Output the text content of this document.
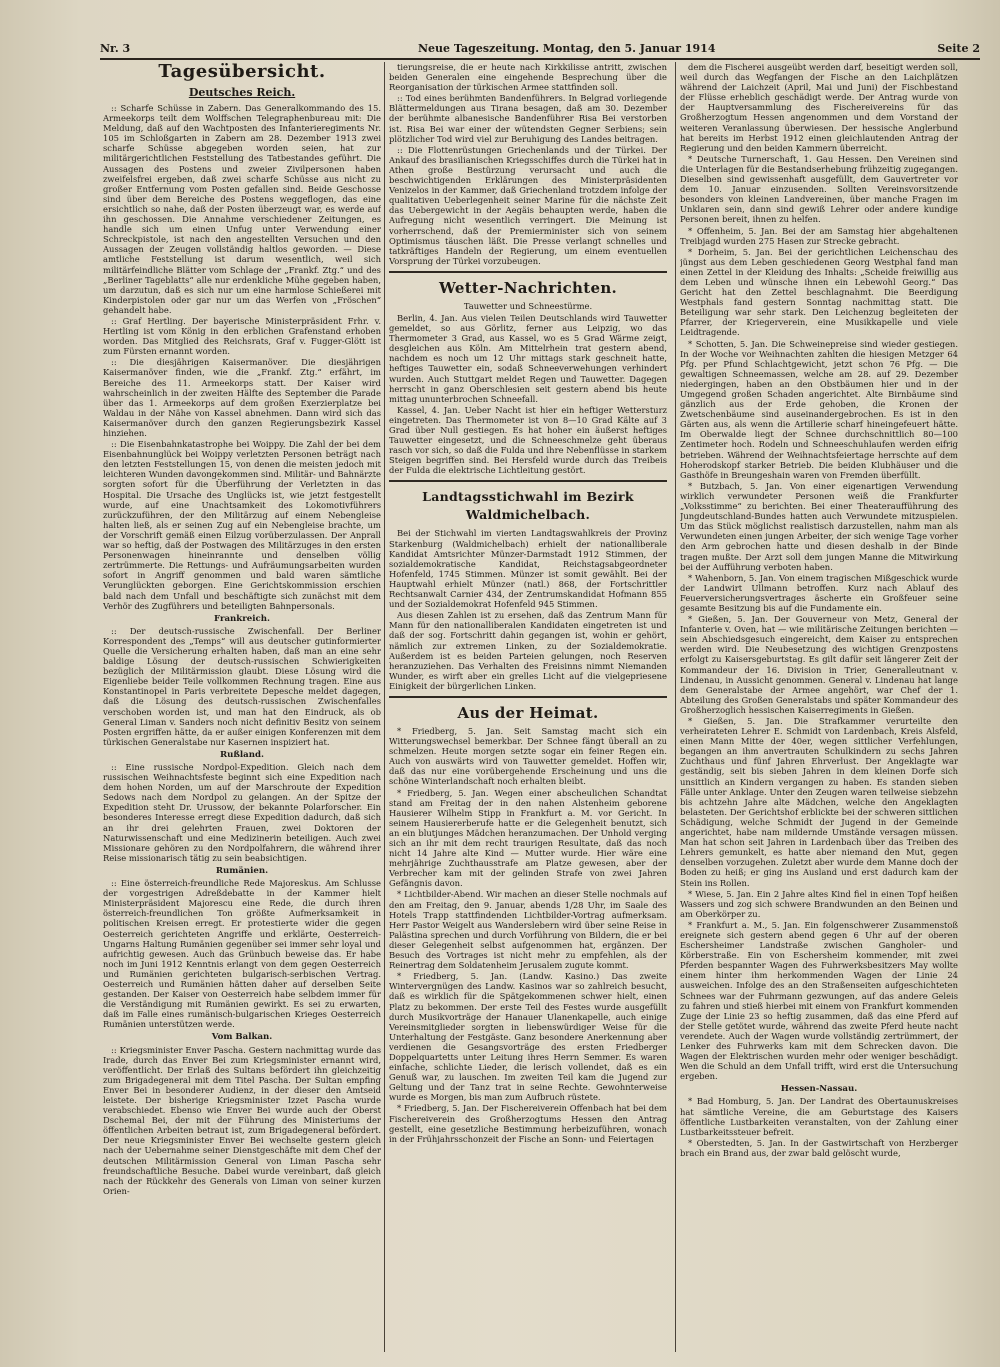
Nr. 3	Neue Tageszeitung. Montag, den 5. Januar 1914	Seite 2
Tagesübersicht.
Deutsches Reich.

:: Scharfe Schüsse in Zabern. Das Generalkommando des 15. Armeekorps teilt dem Wolffschen Telegraphenbureau mit: Die Meldung, daß auf den Wachtposten des Infanterieregiments Nr. 105 im Schloßgarten in Zabern am 28. Dezember 1913 zwei scharfe Schüsse abgegeben worden seien, hat zur militärgerichtlichen Feststellung des Tatbestandes geführt. Die Aussagen des Postens und zweier Zivilpersonen haben zweifelsfrei ergeben, daß zwei scharfe Schüsse aus nicht zu großer Entfernung vom Posten gefallen sind. Beide Geschosse sind über dem Bereiche des Postens weggeflogen, das eine ersichtlich so nahe, daß der Posten überzeugt war, es werde auf ihn geschossen. Die Annahme verschiedener Zeitungen, es handle sich um einen Unfug unter Verwendung einer Schreckpistole, ist nach den angestellten Versuchen und den Aussagen der Zeugen vollständig haltlos geworden. — Diese amtliche Feststellung ist darum wesentlich, weil sich militärfeindliche Blätter vom Schlage der „Frankf. Ztg.“ und des „Berliner Tageblatts“ alle nur erdenkliche Mühe gegeben haben, um darzutun, daß es sich nur um eine harmlose Schießerei mit Kinderpistolen oder gar nur um das Werfen von „Fröschen“ gehandelt habe.

:: Graf Hertling. Der bayerische Ministerpräsident Frhr. v. Hertling ist vom König in den erblichen Grafenstand erhoben worden. Das Mitglied des Reichsrats, Graf v. Fugger-Glött ist zum Fürsten ernannt worden.

:: Die diesjährigen Kaisermanöver. Die diesjährigen Kaisermanöver finden, wie die „Frankf. Ztg.“ erfährt, im Bereiche des 11. Armeekorps statt. Der Kaiser wird wahrscheinlich in der zweiten Hälfte des September die Parade über das 1. Armeekorps auf dem großen Exerzierplatze bei Waldau in der Nähe von Kassel abnehmen. Dann wird sich das Kaisermanöver durch den ganzen Regierungsbezirk Kassel hinziehen.

:: Die Eisenbahnkatastrophe bei Woippy. Die Zahl der bei dem Eisenbahnunglück bei Woippy verletzten Personen beträgt nach den letzten Feststellungen 15, von denen die meisten jedoch mit leichteren Wunden davongekommen sind. Militär- und Bahnärzte sorgten sofort für die Überführung der Verletzten in das Hospital. Die Ursache des Unglücks ist, wie jetzt festgestellt wurde, auf eine Unachtsamkeit des Lokomotivführers zurückzuführen, der den Militärzug auf einem Nebengleise halten ließ, als er seinen Zug auf ein Nebengleise brachte, um der Vorschrift gemäß einen Eilzug vorüberzulassen. Der Anprall war so heftig, daß der Postwagen des Militärzuges in den ersten Personenwagen hineinrannte und denselben völlig zertrümmerte. Die Rettungs- und Aufräumungsarbeiten wurden sofort in Angriff genommen und bald waren sämtliche Verunglückten geborgen. Eine Gerichtskommission erschien bald nach dem Unfall und beschäftigte sich zunächst mit dem Verhör des Zugführers und beteiligten Bahnpersonals.

Frankreich.

:: Der deutsch-russische Zwischenfall. Der Berliner Korrespondent des „Temps“ will aus deutscher gutinformierter Quelle die Versicherung erhalten haben, daß man an eine sehr baldige Lösung der deutsch-russischen Schwierigkeiten bezüglich der Militärmission glaubt. Diese Lösung wird die Eigenliebe beider Teile vollkommen Rechnung tragen. Eine aus Konstantinopel in Paris verbreitete Depesche meldet dagegen, daß die Lösung des deutsch-russischen Zwischenfalles verschoben worden ist, und man hat den Eindruck, als ob General Liman v. Sanders noch nicht definitiv Besitz von seinem Posten ergriffen hätte, da er außer einigen Konferenzen mit dem türkischen Generalstabe nur Kasernen inspiziert hat.

Rußland.

:: Eine russische Nordpol-Expedition. Gleich nach dem russischen Weihnachtsfeste beginnt sich eine Expedition nach dem hohen Norden, um auf der Marschroute der Expedition Sedows nach dem Nordpol zu gelangen. An der Spitze der Expedition steht Dr. Urussow, der bekannte Polarforscher. Ein besonderes Interesse erregt diese Expedition dadurch, daß sich an ihr drei gelehrten Frauen, zwei Doktoren der Naturwissenschaft und eine Medizinerin beteiligen. Auch zwei Missionare gehören zu den Nordpolfahrern, die während ihrer Reise missionarisch tätig zu sein beabsichtigen.

Rumänien.

:: Eine österreich-freundliche Rede Majoreskus. Am Schlusse der vorgestrigen Adreßdebatte in der Kammer hielt Ministerpräsident Majorescu eine Rede, die durch ihren österreich-freundlichen Ton größte Aufmerksamkeit in politischen Kreisen erregt. Er protestierte wider die gegen Oesterreich gerichteten Angriffe und erklärte, Oesterreich-Ungarns Haltung Rumänien gegenüber sei immer sehr loyal und aufrichtig gewesen. Auch das Grünbuch beweise das. Er habe noch im Juni 1912 Kenntnis erlangt von dem gegen Oesterreich und Rumänien gerichteten bulgarisch-serbischen Vertrag. Oesterreich und Rumänien hätten daher auf derselben Seite gestanden. Der Kaiser von Oesterreich habe selbdem immer für die Verständigung mit Rumänien gewirkt. Es sei zu erwarten, daß im Falle eines rumänisch-bulgarischen Krieges Oesterreich Rumänien unterstützen werde.

Vom Balkan.

:: Kriegsminister Enver Pascha. Gestern nachmittag wurde das Irade, durch das Enver Bei zum Kriegsminister ernannt wird, veröffentlicht. Der Erlaß des Sultans befördert ihn gleichzeitig zum Brigadegeneral mit dem Titel Pascha. Der Sultan empfing Enver Bei in besonderer Audienz, in der dieser den Amtseid leistete. Der bisherige Kriegsminister Izzet Pascha wurde verabschiedet. Ebenso wie Enver Bei wurde auch der Oberst Dschemal Bei, der mit der Führung des Ministeriums der öffentlichen Arbeiten betraut ist, zum Brigadegeneral befördert. Der neue Kriegsminister Enver Bei wechselte gestern gleich nach der Uebernahme seiner Dienstgeschäfte mit dem Chef der deutschen Militärmission General von Liman Pascha sehr freundschaftliche Besuche. Dabei wurde vereinbart, daß gleich nach der Rückkehr des Generals von Liman von seiner kurzen Orien-

tierungsreise, die er heute nach Kirkkilisse antritt, zwischen beiden Generalen eine eingehende Besprechung über die Reorganisation der türkischen Armee stattfinden soll.

:: Tod eines berühmten Bandenführers. In Belgrad vorliegende Blättermeldungen aus Tirana besagen, daß am 30. Dezember der berühmte albanesische Bandenführer Risa Bei verstorben ist. Risa Bei war einer der wütendsten Gegner Serbiens; sein plötzlicher Tod wird viel zur Beruhigung des Landes beitragen.

:: Die Flottenrüstungen Griechenlands und der Türkei. Der Ankauf des brasilianischen Kriegsschiffes durch die Türkei hat in Athen große Bestürzung verursacht und auch die beschwichtigenden Erklärungen des Ministerpräsidenten Venizelos in der Kammer, daß Griechenland trotzdem infolge der qualitativen Ueberlegenheit seiner Marine für die nächste Zeit das Uebergewicht in der Aegäis behaupten werde, haben die Aufregung nicht wesentlich verringert. Die Meinung ist vorherrschend, daß der Premierminister sich von seinem Optimismus täuschen läßt. Die Presse verlangt schnelles und tatkräftiges Handeln der Regierung, um einem eventuellen Vorsprung der Türkei vorzubeugen.

Wetter-Nachrichten.
Tauwetter und Schneestürme.

Berlin, 4. Jan. Aus vielen Teilen Deutschlands wird Tauwetter gemeldet, so aus Görlitz, ferner aus Leipzig, wo das Thermometer 3 Grad, aus Kassel, wo es 5 Grad Wärme zeigt, desgleichen aus Köln. Am Mittelrhein trat gestern abend, nachdem es noch um 12 Uhr mittags stark geschneit hatte, heftiges Tauwetter ein, sodaß Schneeverwehungen verhindert wurden. Auch Stuttgart meldet Regen und Tauwetter. Dagegen herrscht in ganz Oberschlesien seit gestern abend bis heute mittag ununterbrochen Schneefall.

Kassel, 4. Jan. Ueber Nacht ist hier ein heftiger Wettersturz eingetreten. Das Thermometer ist von 8—10 Grad Kälte auf 3 Grad über Null gestiegen. Es hat hoher ein äußerst heftiges Tauwetter eingesetzt, und die Schneeschmelze geht überaus rasch vor sich, so daß die Fulda und ihre Nebenflüsse in starkem Steigen begriffen sind. Bei Hersfeld wurde durch das Treibeis der Fulda die elektrische Lichtleitung gestört.

Landtagsstichwahl im Bezirk Waldmichelbach.

Bei der Stichwahl im vierten Landtagswahlkreis der Provinz Starkenburg (Waldmichelbach) erhielt der nationalliberale Kandidat Amtsrichter Münzer-Darmstadt 1912 Stimmen, der sozialdemokratische Kandidat, Reichstagsabgeordneter Hofenfeld, 1745 Stimmen. Münzer ist somit gewählt. Bei der Hauptwahl erhielt Münzer (natl.) 868, der Fortschrittler Rechtsanwalt Carnier 434, der Zentrumskandidat Hofmann 855 und der Sozialdemokrat Hofenfeld 945 Stimmen.

Aus diesen Zahlen ist zu ersehen, daß das Zentrum Mann für Mann für den nationalliberalen Kandidaten eingetreten ist und daß der sog. Fortschritt dahin gegangen ist, wohin er gehört, nämlich zur extremen Linken, zu der Sozialdemokratie. Außerdem ist es beiden Parteien gelungen, noch Reserven heranzuziehen. Das Verhalten des Freisinns nimmt Niemanden Wunder, es wirft aber ein grelles Licht auf die vielgepriesene Einigkeit der bürgerlichen Linken.

Aus der Heimat.

* Friedberg, 5. Jan. Seit Samstag macht sich ein Witterungswechsel bemerkbar. Der Schnee fängt überall an zu schmelzen. Heute morgen setzte sogar ein feiner Regen ein. Auch von auswärts wird von Tauwetter gemeldet. Hoffen wir, daß das nur eine vorübergehende Erscheinung und uns die schöne Winterlandschaft noch erhalten bleibt.

* Friedberg, 5. Jan. Wegen einer abscheulichen Schandtat stand am Freitag der in den nahen Alstenheim geborene Hausierer Wilhelm Stipp in Frankfurt a. M. vor Gericht. In seinem Hausiererberufe hatte er die Gelegenheit benutzt, sich an ein blutjunges Mädchen heranzumachen. Der Unhold verging sich an ihr mit dem recht traurigen Resultate, daß das noch nicht 14 Jahre alte Kind — Mutter wurde. Hier wäre eine mehrjährige Zuchthausstrafe am Platze gewesen, aber der Verbrecher kam mit der gelinden Strafe von zwei Jahren Gefängnis davon.

* Lichtbilder-Abend. Wir machen an dieser Stelle nochmals auf den am Freitag, den 9. Januar, abends 1/28 Uhr, im Saale des Hotels Trapp stattfindenden Lichtbilder-Vortrag aufmerksam. Herr Pastor Weigelt aus Wanderslebern wird über seine Reise in Palästina sprechen und durch Vorführung von Bildern, die er bei dieser Gelegenheit selbst aufgenommen hat, ergänzen. Der Besuch des Vortrages ist nicht mehr zu empfehlen, als der Reinertrag dem Soldatenheim Jerusalem zugute kommt.

* Friedberg, 5. Jan. (Landw. Kasino.) Das zweite Wintervergnügen des Landw. Kasinos war so zahlreich besucht, daß es wirklich für die Spätgekommenen schwer hielt, einen Platz zu bekommen. Der erste Teil des Festes wurde ausgefüllt durch Musikvorträge der Hanauer Ulanenkapelle, auch einige Vereinsmitglieder sorgten in liebenswürdiger Weise für die Unterhaltung der Festgäste. Ganz besondere Anerkennung aber verdienen die Gesangsvorträge des ersten Friedberger Doppelquartetts unter Leitung ihres Herrn Semmer. Es waren einfache, schlichte Lieder, die lerisch vollendet, daß es ein Genuß war, zu lauschen. Im zweiten Teil kam die Jugend zur Geltung und der Tanz trat in seine Rechte. Gewohnterweise wurde es Morgen, bis man zum Aufbruch rüstete.

* Friedberg, 5. Jan. Der Fischereiverein Offenbach hat bei dem Fischereiverein des Großherzogtums Hessen den Antrag gestellt, eine gesetzliche Bestimmung herbeizuführen, wonach in der Frühjahrsschonzeit der Fische an Sonn- und Feiertagen

dem die Fischerei ausgeübt werden darf, beseitigt werden soll, weil durch das Wegfangen der Fische an den Laichplätzen während der Laichzeit (April, Mai und Juni) der Fischbestand der Flüsse erheblich geschädigt werde. Der Antrag wurde von der Hauptversammlung des Fischereivereins für das Großherzogtum Hessen angenommen und dem Vorstand der weiteren Veranlassung überwiesen. Der hessische Anglerbund hat bereits im Herbst 1912 einen gleichlautenden Antrag der Regierung und den beiden Kammern überreicht.

* Deutsche Turnerschaft, 1. Gau Hessen. Den Vereinen sind die Unterlagen für die Bestandserhebung frühzeitig zugegangen. Dieselben sind gewissenhaft ausgefüllt, dem Gauvertreter vor dem 10. Januar einzusenden. Sollten Vereinsvorsitzende besonders von kleinen Landvereinen, über manche Fragen im Unklaren sein, dann sind gewiß Lehrer oder andere kundige Personen bereit, ihnen zu helfen.

* Offenheim, 5. Jan. Bei der am Samstag hier abgehaltenen Treibjagd wurden 275 Hasen zur Strecke gebracht.

* Dorheim, 5. Jan. Bei der gerichtlichen Leichenschau des jüngst aus dem Leben geschiedenen Georg Westphal fand man einen Zettel in der Kleidung des Inhalts: „Scheide freiwillig aus dem Leben und wünsche ihnen ein Lebewohl Georg.“ Das Gericht hat den Zettel beschlagnahmt. Die Beerdigung Westphals fand gestern Sonntag nachmittag statt. Die Beteiligung war sehr stark. Den Leichenzug begleiteten der Pfarrer, der Kriegerverein, eine Musikkapelle und viele Leidtragende.

* Schotten, 5. Jan. Die Schweinepreise sind wieder gestiegen. In der Woche vor Weihnachten zahlten die hiesigen Metzger 64 Pfg. per Pfund Schlachtgewicht, jetzt schon 76 Pfg. — Die gewaltigen Schneemassen, welche am 28. auf 29. Dezember niedergingen, haben an den Obstbäumen hier und in der Umgegend großen Schaden angerichtet. Alte Birnbäume sind gänzlich aus der Erde gehoben, die Kronen der Zwetschenbäume sind auseinandergebrochen. Es ist in den Gärten aus, als wenn die Artillerie scharf hineingefeuert hätte. Im Oberwalde liegt der Schnee durchschnittlich 80—100 Zentimeter hoch. Rodeln und Schneeschuhlaufen werden eifrig betrieben. Während der Weihnachtsfeiertage herrschte auf dem Hoherodskopf starker Betrieb. Die beiden Klubhäuser und die Gasthöfe in Breungeshain waren von Fremden überfüllt.

* Butzbach, 5. Jan. Von einer eigenartigen Verwendung wirklich verwundeter Personen weiß die Frankfurter „Volksstimme“ zu berichten. Bei einer Theateraufführung des Jungdeutschland-Bundes hatten auch Verwundete mitzuspielen. Um das Stück möglichst realistisch darzustellen, nahm man als Verwundeten einen jungen Arbeiter, der sich wenige Tage vorher den Arm gebrochen hatte und diesen deshalb in der Binde tragen mußte. Der Arzt soll dem jungen Manne die Mitwirkung bei der Aufführung verboten haben.

* Wahenborn, 5. Jan. Von einem tragischen Mißgeschick wurde der Landwirt Ullmann betroffen. Kurz nach Ablauf des Feuerversicherungsvertrages äscherte ein Großfeuer seine gesamte Besitzung bis auf die Fundamente ein.

* Gießen, 5. Jan. Der Gouverneur von Metz, General der Infanterie v. Oven, hat — wie militärische Zeitungen berichten — sein Abschiedsgesuch eingereicht, dem Kaiser zu entsprechen werden wird. Die Neubesetzung des wichtigen Grenzpostens erfolgt zu Kaisersgeburtstag. Es gilt dafür seit längerer Zeit der Kommandeur der 16. Division in Trier, Generalleutnant v. Lindenau, in Aussicht genommen. General v. Lindenau hat lange dem Generalstabe der Armee angehört, war Chef der 1. Abteilung des Großen Generalstabs und später Kommandeur des Großherzoglich hessischen Kaiserregiments in Gießen.

* Gießen, 5. Jan. Die Strafkammer verurteilte den verheirateten Lehrer E. Schmidt von Lardenbach, Kreis Alsfeld, einen Mann Mitte der 40er, wegen sittlicher Verfehlungen, begangen an ihm anvertrauten Schulkindern zu sechs Jahren Zuchthaus und fünf Jahren Ehrverlust. Der Angeklagte war geständig, seit bis sieben Jahren in dem kleinen Dorfe sich unsittlich an Kindern vergangen zu haben. Es standen sieben Fälle unter Anklage. Unter den Zeugen waren teilweise siebzehn bis achtzehn Jahre alte Mädchen, welche den Angeklagten belasteten. Der Gerichtshof erblickte bei der schweren sittlichen Schädigung, welche Schmidt der Jugend in der Gemeinde angerichtet, habe nam mildernde Umstände versagen müssen. Man hat schon seit Jahren in Lardenbach über das Treiben des Lehrers gemunkelt, es hatte aber niemand den Mut, gegen denselben vorzugehen. Zuletzt aber wurde dem Manne doch der Boden zu heiß; er ging ins Ausland und erst dadurch kam der Stein ins Rollen.

* Wiese, 5. Jan. Ein 2 Jahre altes Kind fiel in einen Topf heißen Wassers und zog sich schwere Brandwunden an den Beinen und am Oberkörper zu.

* Frankfurt a. M., 5. Jan. Ein folgenschwerer Zusammenstoß ereignete sich gestern abend gegen 6 Uhr auf der oberen Eschersheimer Landstraße zwischen Gangholer- und Körberstraße. Ein von Eschersheim kommender, mit zwei Pferden bespannter Wagen des Fuhrwerksbesitzers May wollte einem hinter ihm herkommenden Wagen der Linie 24 ausweichen. Infolge des an den Straßenseiten aufgeschichteten Schnees war der Fuhrmann gezwungen, auf das andere Geleis zu fahren und stieß hierbei mit einem von Frankfurt kommenden Zuge der Linie 23 so heftig zusammen, daß das eine Pferd auf der Stelle getötet wurde, während das zweite Pferd heute nacht verendete. Auch der Wagen wurde vollständig zertrümmert, der Lenker des Fuhrwerks kam mit dem Schrecken davon. Die Wagen der Elektrischen wurden mehr oder weniger beschädigt. Wen die Schuld an dem Unfall trifft, wird erst die Untersuchung ergeben.

Hessen-Nassau.

* Bad Homburg, 5. Jan. Der Landrat des Obertaunuskreises hat sämtliche Vereine, die am Geburtstage des Kaisers öffentliche Lustbarkeiten veranstalten, von der Zahlung einer Lustbarkeitssteuer befreit.

* Oberstedten, 5. Jan. In der Gastwirtschaft von Herzberger brach ein Brand aus, der zwar bald gelöscht wurde,
